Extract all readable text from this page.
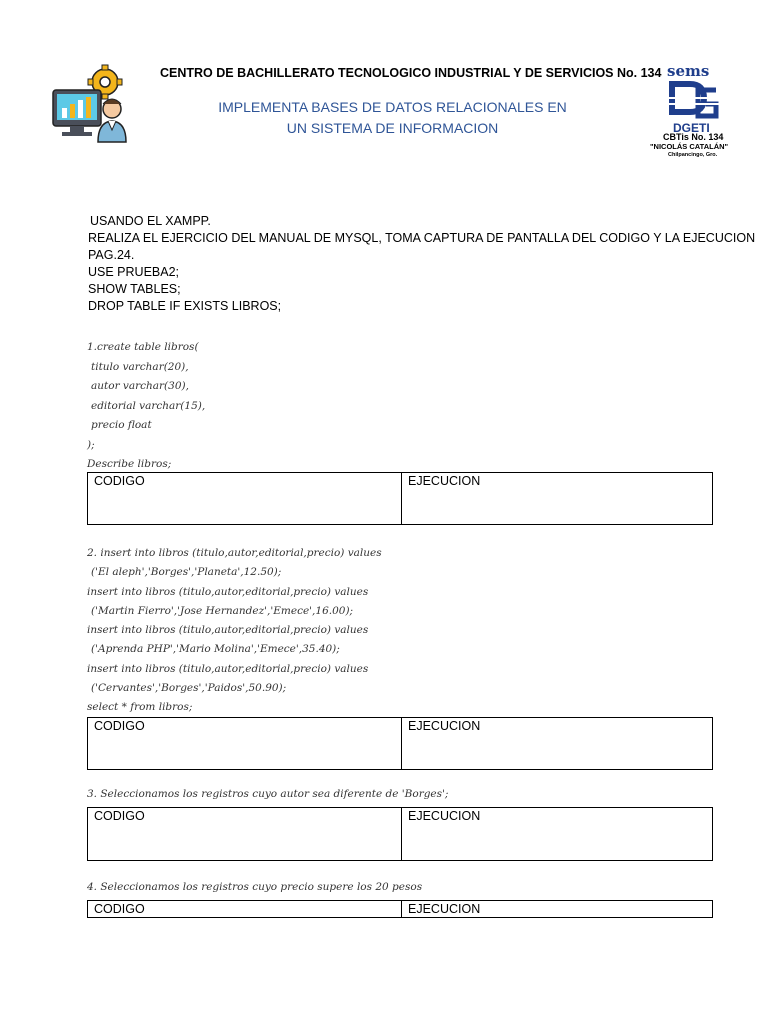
CENTRO DE BACHILLERATO TECNOLOGICO INDUSTRIAL Y DE SERVICIOS No. 134
IMPLEMENTA BASES DE DATOS RELACIONALES EN
UN SISTEMA DE INFORMACION
sems
DGETI
CBTis No. 134
"NICOLÁS CATALÁN"
Chilpancingo, Gro.
USANDO EL XAMPP.
REALIZA EL EJERCICIO DEL MANUAL DE MYSQL, TOMA CAPTURA DE PANTALLA DEL CODIGO Y LA EJECUCION
PAG.24.
USE PRUEBA2;
SHOW TABLES;
DROP TABLE IF EXISTS LIBROS;
1.create table libros(
titulo varchar(20),
autor varchar(30),
editorial varchar(15),
precio float
);
Describe libros;
CODIGO	EJECUCION
2. insert into libros (titulo,autor,editorial,precio) values
('El aleph','Borges','Planeta',12.50);
insert into libros (titulo,autor,editorial,precio) values
('Martin Fierro','Jose Hernandez','Emece',16.00);
insert into libros (titulo,autor,editorial,precio) values
('Aprenda PHP','Mario Molina','Emece',35.40);
insert into libros (titulo,autor,editorial,precio) values
('Cervantes','Borges','Paidos',50.90);
select * from libros;
CODIGO	EJECUCION
3. Seleccionamos los registros cuyo autor sea diferente de 'Borges';
CODIGO	EJECUCION
4. Seleccionamos los registros cuyo precio supere los 20 pesos
CODIGO	EJECUCION
